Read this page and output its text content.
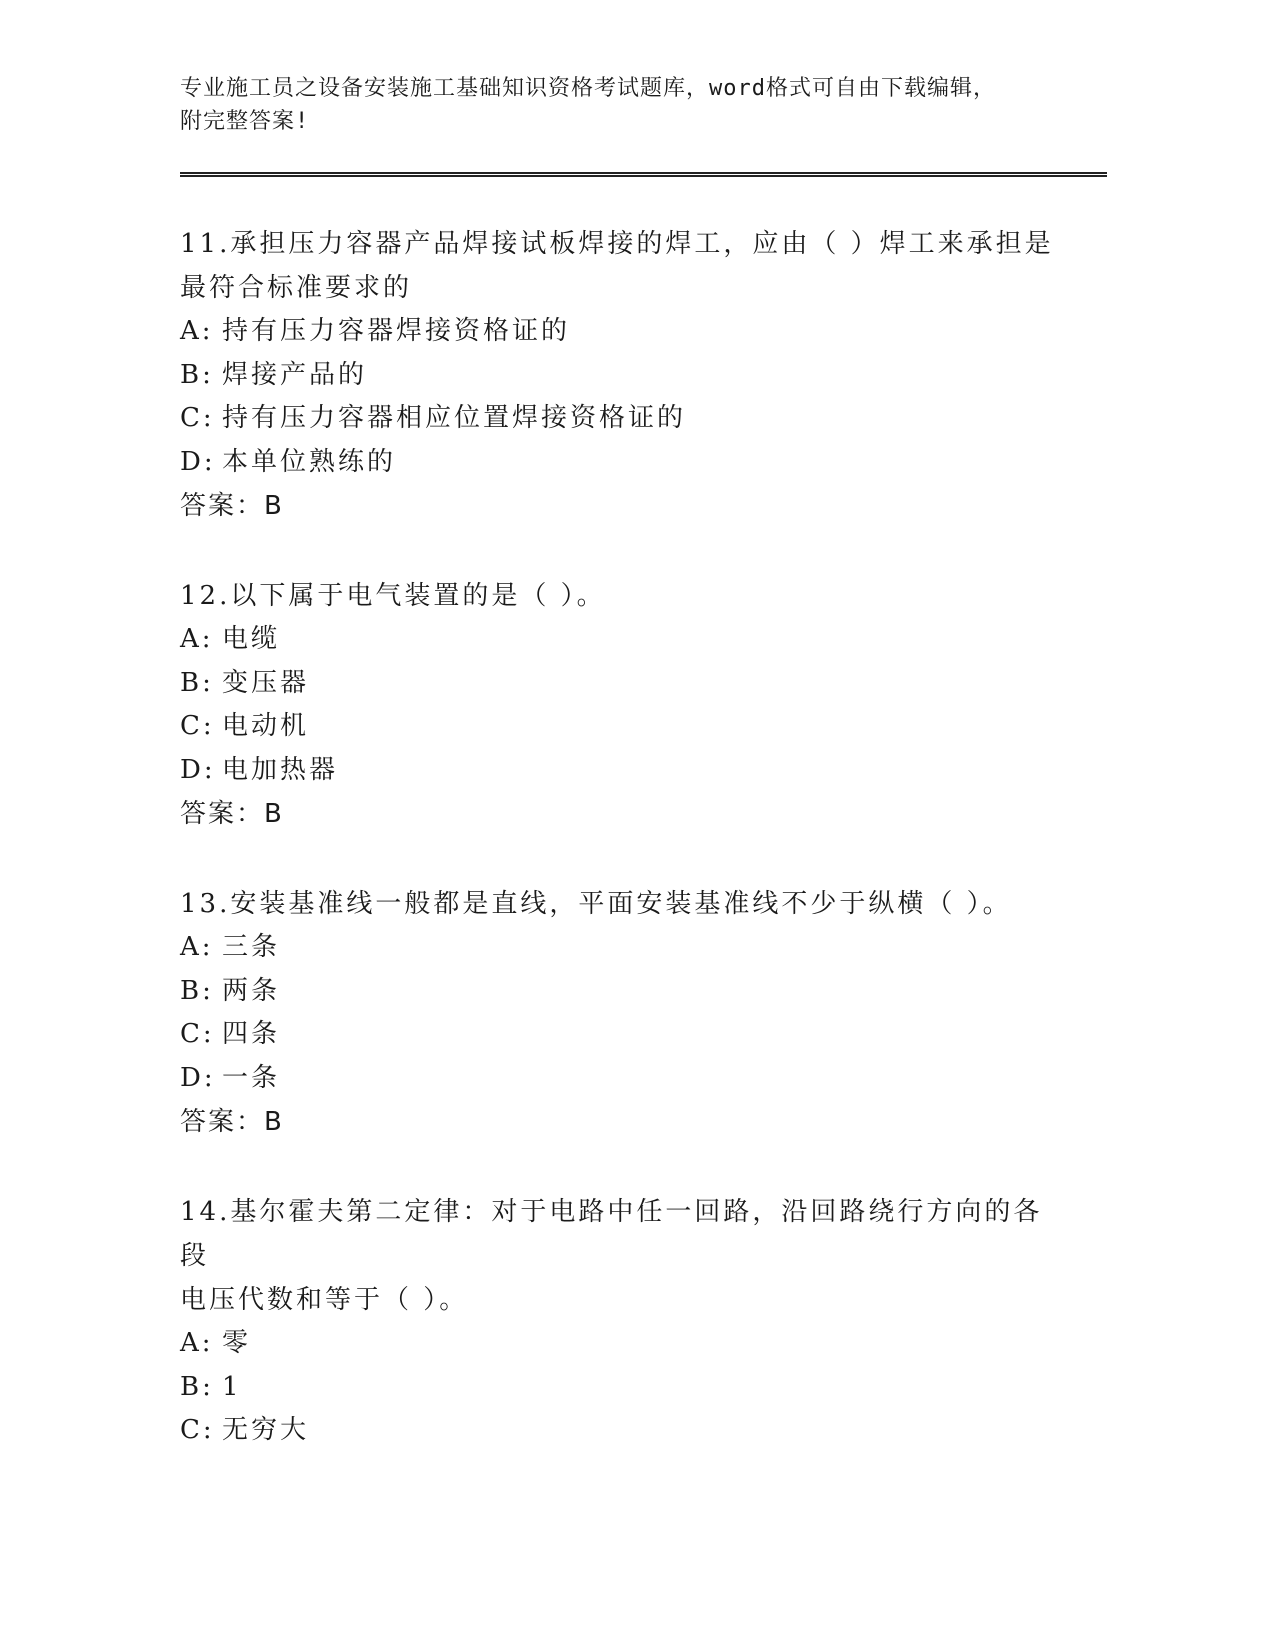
专业施工员之设备安装施工基础知识资格考试题库，word格式可自由下载编辑，
附完整答案!
11.承担压力容器产品焊接试板焊接的焊工，应由（ ）焊工来承担是
最符合标准要求的
A: 持有压力容器焊接资格证的
B: 焊接产品的
C: 持有压力容器相应位置焊接资格证的
D: 本单位熟练的
答案：B
12.以下属于电气装置的是（ ）。
A: 电缆
B: 变压器
C: 电动机
D: 电加热器
答案：B
13.安装基准线一般都是直线，平面安装基准线不少于纵横（ ）。
A: 三条
B: 两条
C: 四条
D: 一条
答案：B
14.基尔霍夫第二定律：对于电路中任一回路，沿回路绕行方向的各段
电压代数和等于（ ）。
A: 零
B: 1
C: 无穷大
